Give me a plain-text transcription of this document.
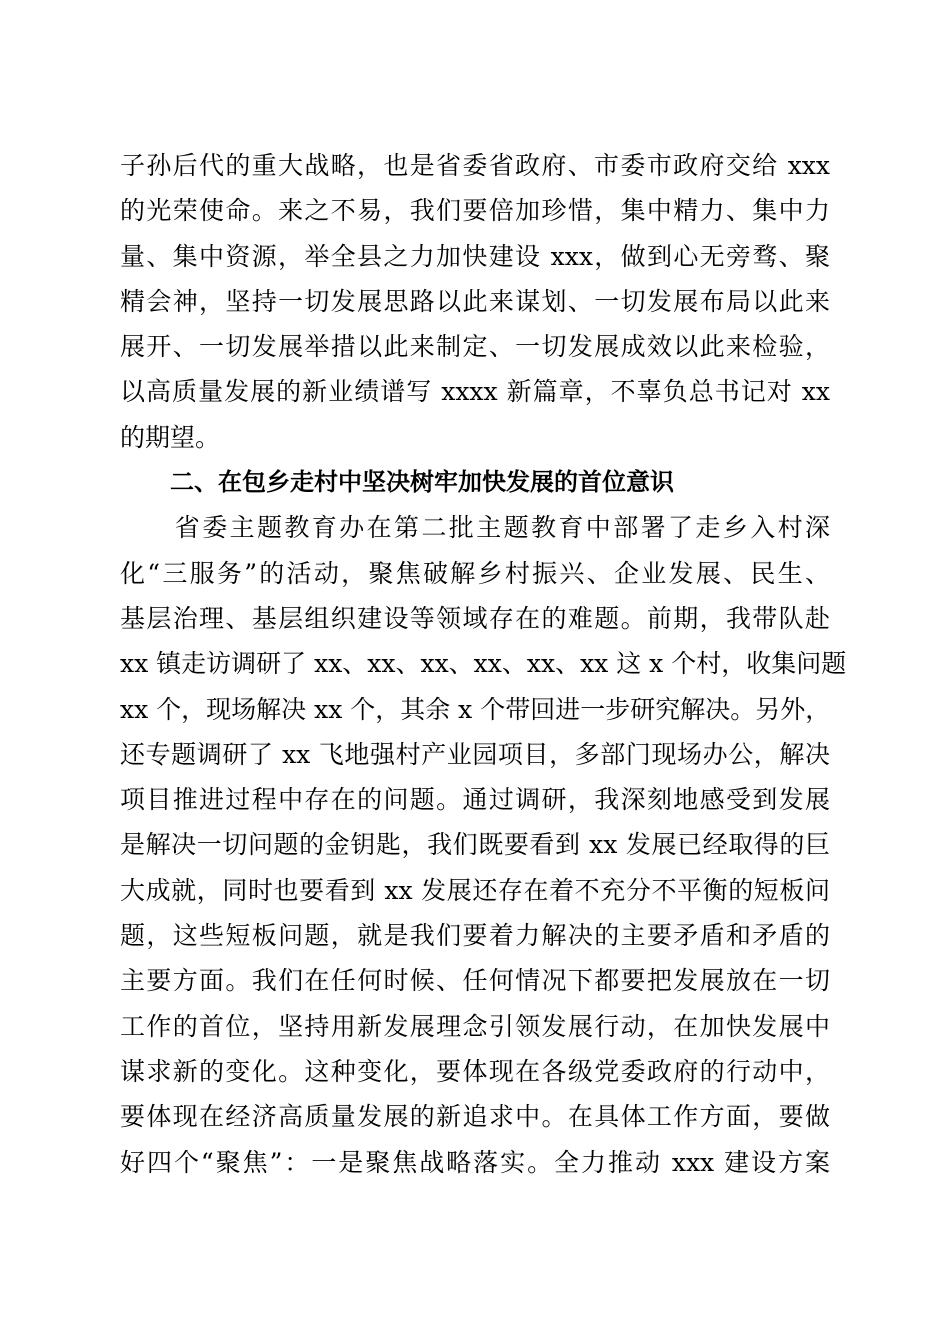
子孙后代的重大战略，也是省委省政府、市委市政府交给 xxx
的光荣使命。来之不易，我们要倍加珍惜，集中精力、集中力
量、集中资源，举全县之力加快建设 xxx，做到心无旁骛、聚
精会神，坚持一切发展思路以此来谋划、一切发展布局以此来
展开、一切发展举措以此来制定、一切发展成效以此来检验，
以高质量发展的新业绩谱写 xxxx 新篇章，不辜负总书记对 xx
的期望。
二、在包乡走村中坚决树牢加快发展的首位意识
　　省委主题教育办在第二批主题教育中部署了走乡入村深
化“三服务”的活动，聚焦破解乡村振兴、企业发展、民生、
基层治理、基层组织建设等领域存在的难题。前期，我带队赴
xx 镇走访调研了 xx、xx、xx、xx、xx、xx 这 x 个村，收集问题
xx 个，现场解决 xx 个，其余 x 个带回进一步研究解决。另外，
还专题调研了 xx 飞地强村产业园项目，多部门现场办公，解决
项目推进过程中存在的问题。通过调研，我深刻地感受到发展
是解决一切问题的金钥匙，我们既要看到 xx 发展已经取得的巨
大成就，同时也要看到 xx 发展还存在着不充分不平衡的短板问
题，这些短板问题，就是我们要着力解决的主要矛盾和矛盾的
主要方面。我们在任何时候、任何情况下都要把发展放在一切
工作的首位，坚持用新发展理念引领发展行动，在加快发展中
谋求新的变化。这种变化，要体现在各级党委政府的行动中，
要体现在经济高质量发展的新追求中。在具体工作方面，要做
好四个“聚焦”：一是聚焦战略落实。全力推动 xxx 建设方案
